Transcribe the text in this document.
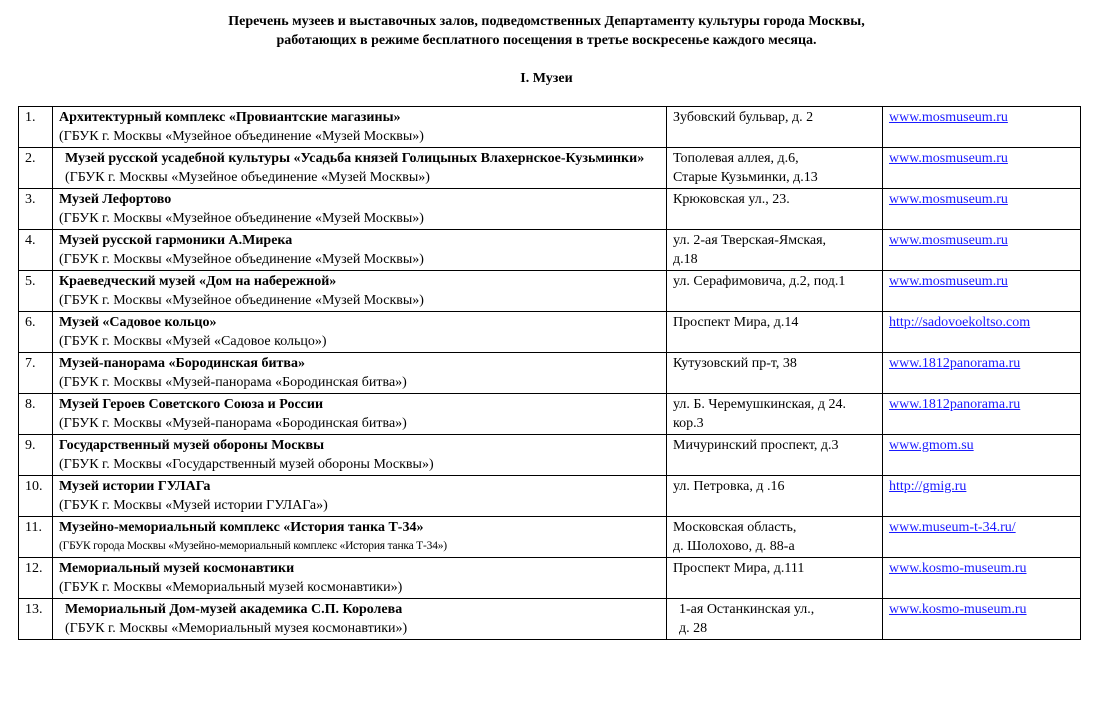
Перечень музеев и выставочных залов, подведомственных Департаменту культуры города Москвы,
работающих в режиме бесплатного посещения в третье воскресенье каждого месяца.
I. Музеи
1.	Архитектурный комплекс «Провиантские магазины»
(ГБУК г. Москвы «Музейное объединение «Музей Москвы»)	Зубовский бульвар, д. 2	www.mosmuseum.ru
2.	Музей русской усадебной культуры «Усадьба князей Голицыных Влахернское-Кузьминки»
(ГБУК г. Москвы «Музейное объединение «Музей Москвы»)	Тополевая аллея, д.6,
Старые Кузьминки, д.13	www.mosmuseum.ru
3.	Музей Лефортово
(ГБУК г. Москвы «Музейное объединение «Музей Москвы»)	Крюковская ул., 23.	www.mosmuseum.ru
4.	Музей русской гармоники А.Мирека
(ГБУК г. Москвы «Музейное объединение «Музей Москвы»)	ул. 2-ая Тверская-Ямская,
д.18	www.mosmuseum.ru
5.	Краеведческий музей «Дом на набережной»
(ГБУК г. Москвы «Музейное объединение «Музей Москвы»)	ул. Серафимовича, д.2, под.1	www.mosmuseum.ru
6.	Музей «Садовое кольцо»
(ГБУК г. Москвы «Музей «Садовое кольцо»)	Проспект Мира, д.14	http://sadovoekoltso.com
7.	Музей-панорама «Бородинская битва»
(ГБУК г. Москвы «Музей-панорама «Бородинская битва»)	Кутузовский пр-т, 38	www.1812panorama.ru
8.	Музей Героев Советского Союза и России
(ГБУК г. Москвы «Музей-панорама «Бородинская битва»)	ул. Б. Черемушкинская, д 24.
кор.3	www.1812panorama.ru
9.	Государственный музей обороны Москвы
(ГБУК г. Москвы «Государственный музей обороны Москвы»)	Мичуринский проспект, д.3	www.gmom.su
10.	Музей истории ГУЛАГа
(ГБУК г. Москвы «Музей истории ГУЛАГа»)	ул. Петровка, д .16	http://gmig.ru
11.	Музейно-мемориальный комплекс «История танка Т-34»
(ГБУК города Москвы «Музейно-мемориальный комплекс «История танка Т-34»)	Московская область,
д. Шолохово, д. 88-а	www.museum-t-34.ru/
12.	Мемориальный музей космонавтики
(ГБУК г. Москвы «Мемориальный музей космонавтики»)	Проспект Мира, д.111	www.kosmo-museum.ru
13.	Мемориальный Дом-музей академика С.П. Королева
(ГБУК г. Москвы «Мемориальный музея космонавтики»)	1-ая Останкинская ул.,
д. 28	www.kosmo-museum.ru
